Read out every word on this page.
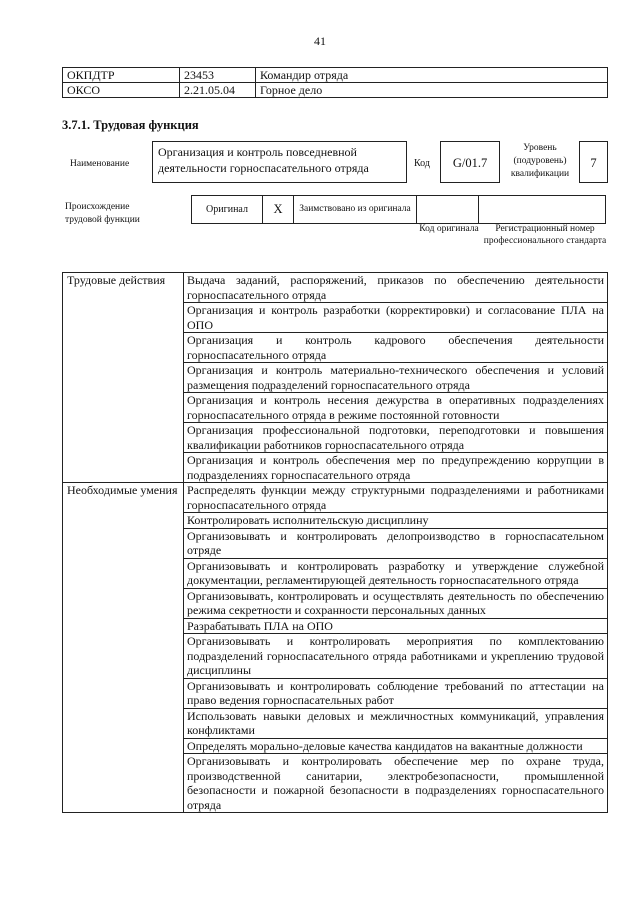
41
ОКПДТР	23453	Командир отряда
ОКСО	2.21.05.04	Горное дело
3.7.1. Трудовая функция
Наименование
Организация и контроль повседневной деятельности горноспасательного отряда	Код	G/01.7
Уровень (подуровень) квалификации
7
Происхождение трудовой функции
Оригинал	X	Заимствовано из оригинала		
Код оригинала	Регистрационный номер профессионального стандарта
Трудовые действия	Выдача заданий, распоряжений, приказов по обеспечению деятельности горноспасательного отряда
	Организация и контроль разработки (корректировки) и согласование ПЛА на ОПО
	Организация и контроль кадрового обеспечения деятельности горноспасательного отряда
	Организация и контроль материально-технического обеспечения и условий размещения подразделений горноспасательного отряда
	Организация и контроль несения дежурства в оперативных подразделениях горноспасательного отряда в режиме постоянной готовности
	Организация профессиональной подготовки, переподготовки и повышения квалификации работников горноспасательного отряда
	Организация и контроль обеспечения мер по предупреждению коррупции в подразделениях горноспасательного отряда
Необходимые умения	Распределять функции между структурными подразделениями и работниками горноспасательного отряда
	Контролировать исполнительскую дисциплину
	Организовывать и контролировать делопроизводство в горноспасательном отряде
	Организовывать и контролировать разработку и утверждение служебной документации, регламентирующей деятельность горноспасательного отряда
	Организовывать, контролировать и осуществлять деятельность по обеспечению режима секретности и сохранности персональных данных
	Разрабатывать ПЛА на ОПО
	Организовывать и контролировать мероприятия по комплектованию подразделений горноспасательного отряда работниками и укреплению трудовой дисциплины
	Организовывать и контролировать соблюдение требований по аттестации на право ведения горноспасательных работ
	Использовать навыки деловых и межличностных коммуникаций, управления конфликтами
	Определять морально-деловые качества кандидатов на вакантные должности
	Организовывать и контролировать обеспечение мер по охране труда, производственной санитарии, электробезопасности, промышленной безопасности и пожарной безопасности в подразделениях горноспасательного отряда
